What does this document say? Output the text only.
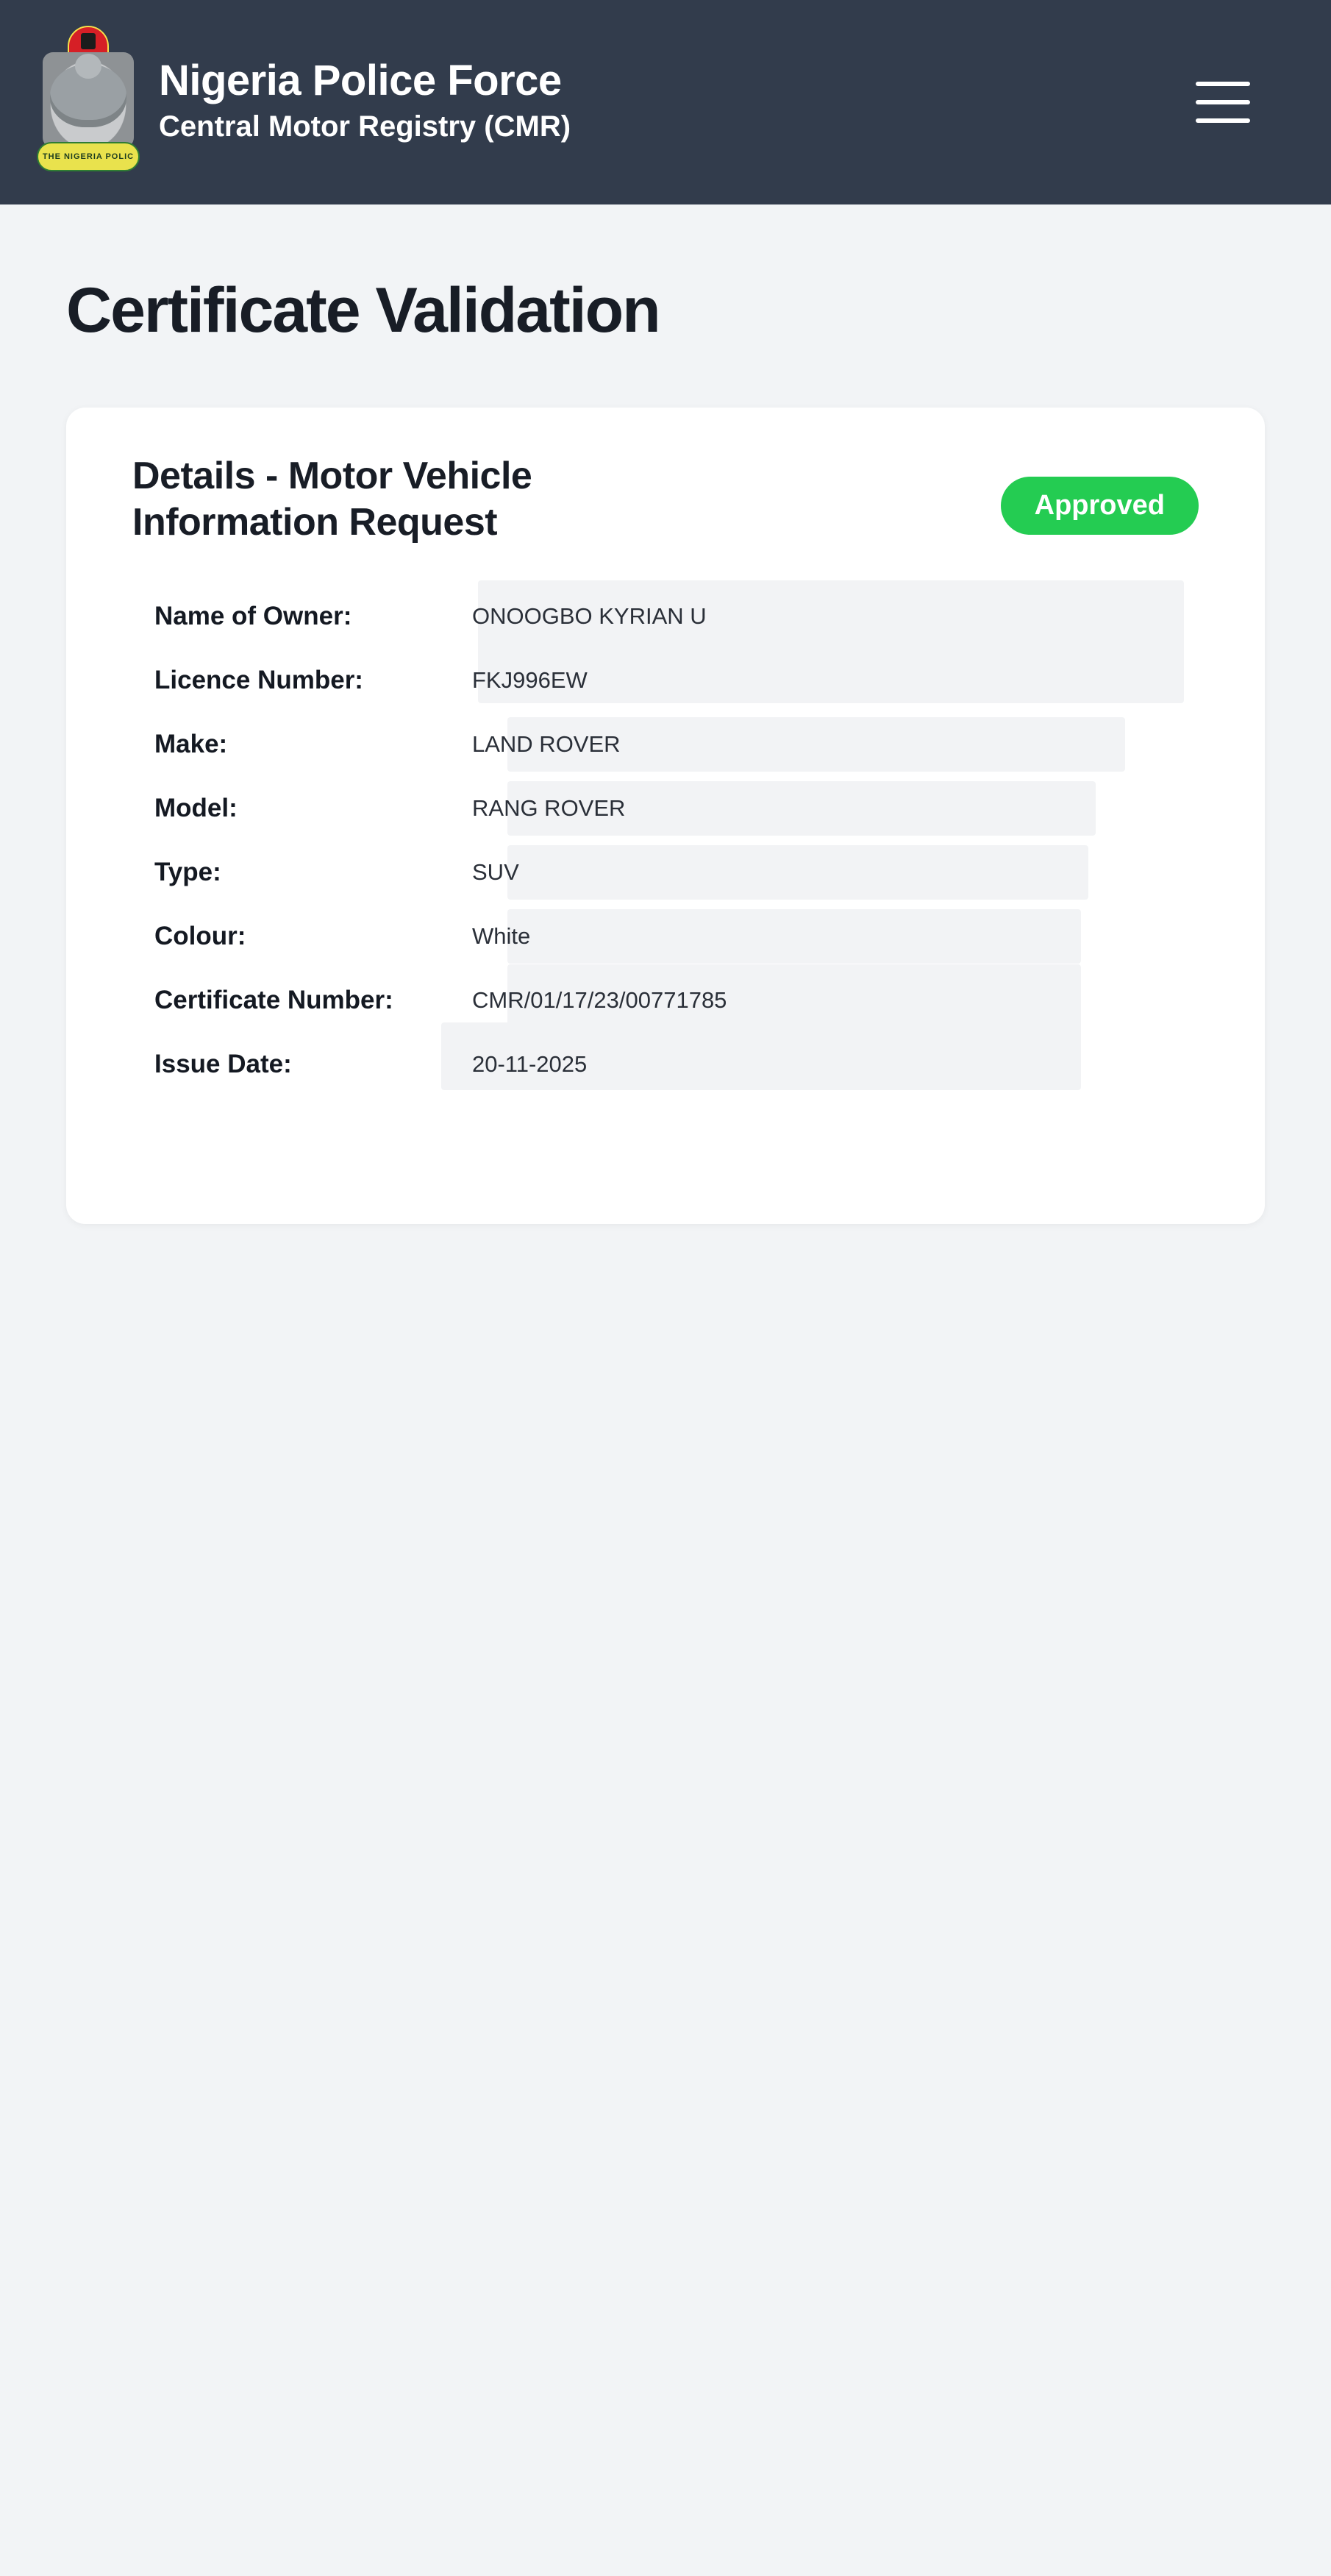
THE NIGERIA POLIC
Nigeria Police Force
Central Motor Registry (CMR)
Certificate Validation
Details - Motor Vehicle Information Request	Approved
Name of Owner:	ONOOGBO KYRIAN U
Licence Number:	FKJ996EW
Make:	LAND ROVER
Model:	RANG ROVER
Type:	SUV
Colour:	White
Certificate Number:	CMR/01/17/23/00771785
Issue Date:	20-11-2025
